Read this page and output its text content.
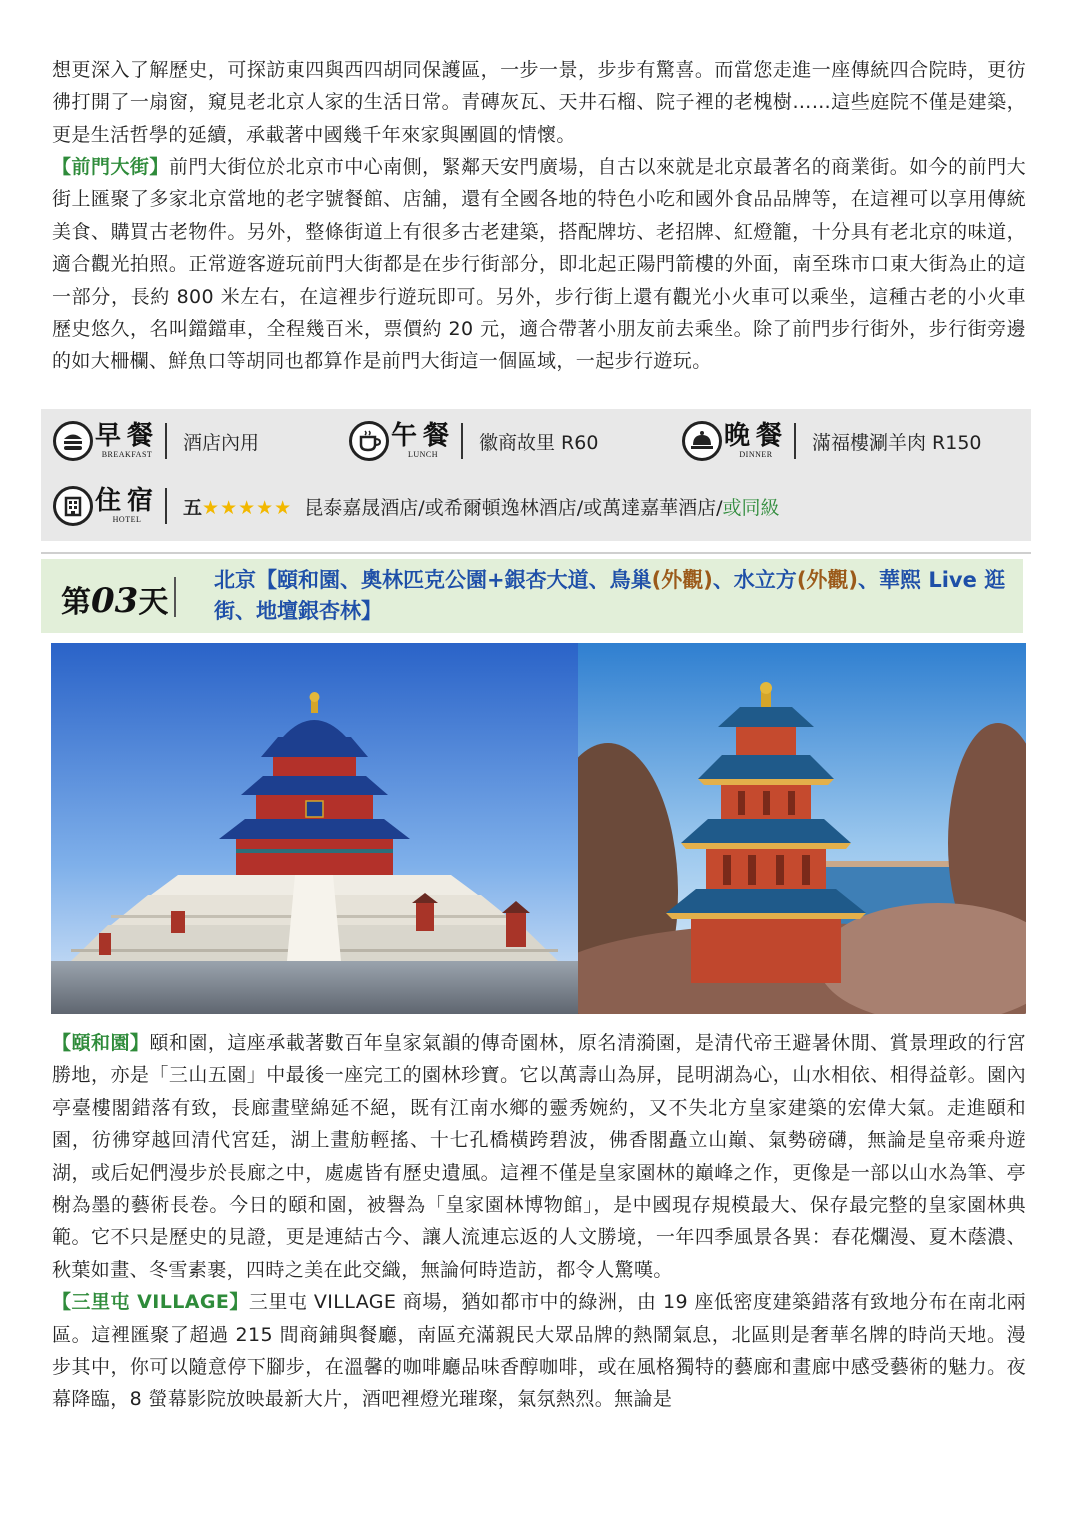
想更深入了解歷史，可探訪東四與西四胡同保護區，一步一景，步步有驚喜。而當您走進一座傳統四合院時，更彷彿打開了一扇窗，窺見老北京人家的生活日常。青磚灰瓦、天井石榴、院子裡的老槐樹……這些庭院不僅是建築，更是生活哲學的延續，承載著中國幾千年來家與團圓的情懷。

【前門大街】前門大街位於北京市中心南側，緊鄰天安門廣場，自古以來就是北京最著名的商業街。如今的前門大街上匯聚了多家北京當地的老字號餐館、店舖，還有全國各地的特色小吃和國外食品品牌等，在這裡可以享用傳統美食、購買古老物件。另外，整條街道上有很多古老建築，搭配牌坊、老招牌、紅燈籠，十分具有老北京的味道，適合觀光拍照。正常遊客遊玩前門大街都是在步行街部分，即北起正陽門箭樓的外面，南至珠市口東大街為止的這一部分，長約 800 米左右，在這裡步行遊玩即可。另外，步行街上還有觀光小火車可以乘坐，這種古老的小火車歷史悠久，名叫鐺鐺車，全程幾百米，票價約 20 元，適合帶著小朋友前去乘坐。除了前門步行街外，步行街旁邊的如大柵欄、鮮魚口等胡同也都算作是前門大街這一個區域，一起步行遊玩。

早餐
BREAKFAST
酒店內用	午餐
LUNCH
徽商故里 R60	晚餐
DINNER
滿福樓涮羊肉 R150
住宿
HOTEL
五★★★★★ 昆泰嘉晟酒店/或希爾頓逸林酒店/或萬達嘉華酒店/或同級
第03天
北京【頤和園、奧林匹克公園+銀杏大道、鳥巢(外觀)、水立方(外觀)、華熙 Live 逛街、地壇銀杏林】

【頤和園】頤和園，這座承載著數百年皇家氣韻的傳奇園林，原名清漪園，是清代帝王避暑休閒、賞景理政的行宮勝地，亦是「三山五園」中最後一座完工的園林珍寶。它以萬壽山為屏，昆明湖為心，山水相依、相得益彰。園內亭臺樓閣錯落有致，長廊畫壁綿延不絕，既有江南水鄉的靈秀婉約，又不失北方皇家建築的宏偉大氣。走進頤和園，彷彿穿越回清代宮廷，湖上畫舫輕搖、十七孔橋橫跨碧波，佛香閣矗立山巔、氣勢磅礴，無論是皇帝乘舟遊湖，或后妃們漫步於長廊之中，處處皆有歷史遺風。這裡不僅是皇家園林的巔峰之作，更像是一部以山水為筆、亭榭為墨的藝術長卷。今日的頤和園，被譽為「皇家園林博物館」，是中國現存規模最大、保存最完整的皇家園林典範。它不只是歷史的見證，更是連結古今、讓人流連忘返的人文勝境，一年四季風景各異：春花爛漫、夏木蔭濃、秋葉如畫、冬雪素裹，四時之美在此交織，無論何時造訪，都令人驚嘆。
【三里屯 VILLAGE】三里屯 VILLAGE 商場，猶如都市中的綠洲，由 19 座低密度建築錯落有致地分布在南北兩區。這裡匯聚了超過 215 間商鋪與餐廳，南區充滿親民大眾品牌的熱鬧氣息，北區則是奢華名牌的時尚天地。漫步其中，你可以隨意停下腳步，在溫馨的咖啡廳品味香醇咖啡，或在風格獨特的藝廊和畫廊中感受藝術的魅力。夜幕降臨，8 螢幕影院放映最新大片，酒吧裡燈光璀璨，氣氛熱烈。無論是
